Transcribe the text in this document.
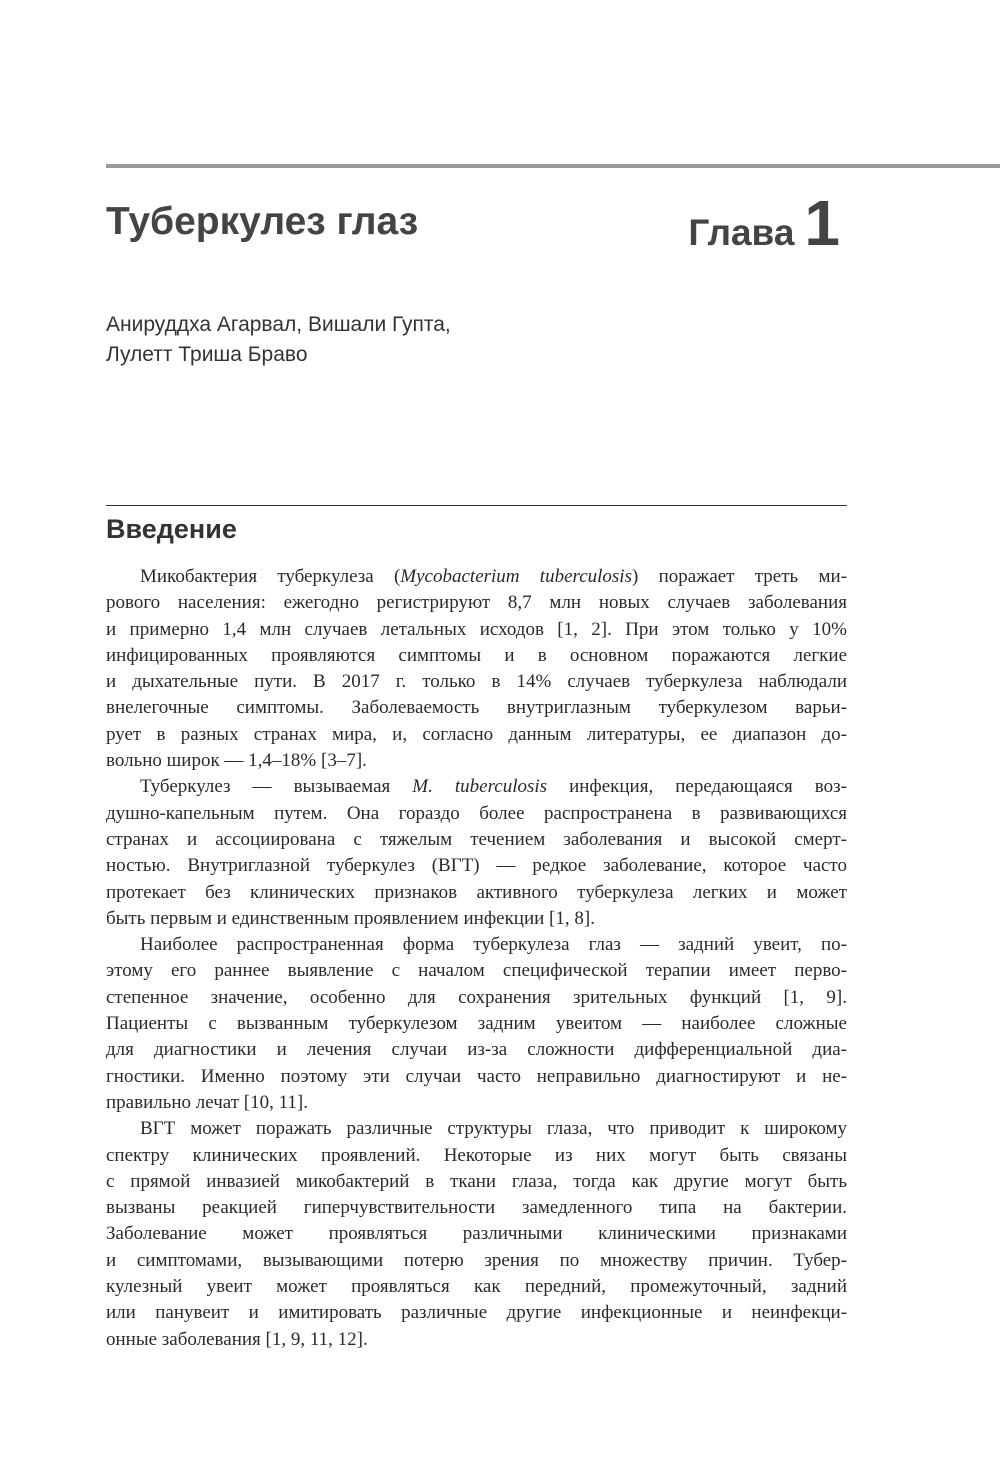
Туберкулез глаз	Глава 1
Анируддха Агарвал, Вишали Гупта,
Лулетт Триша Браво
Введение
Микобактерия туберкулеза (Mycobacterium tuberculosis) поражает треть ми-
рового населения: ежегодно регистрируют 8,7 млн новых случаев заболевания
и примерно 1,4 млн случаев летальных исходов [1, 2]. При этом только у 10%
инфицированных проявляются симптомы и в основном поражаются легкие
и дыхательные пути. В 2017 г. только в 14% случаев туберкулеза наблюдали
внелегочные симптомы. Заболеваемость внутриглазным туберкулезом варьи-
рует в разных странах мира, и, согласно данным литературы, ее диапазон до-
вольно широк — 1,4–18% [3–7].
Туберкулез — вызываемая M. tuberculosis инфекция, передающаяся воз-
душно-капельным путем. Она гораздо более распространена в развивающихся
странах и ассоциирована с тяжелым течением заболевания и высокой смерт-
ностью. Внутриглазной туберкулез (ВГТ) — редкое заболевание, которое часто
протекает без клинических признаков активного туберкулеза легких и может
быть первым и единственным проявлением инфекции [1, 8].
Наиболее распространенная форма туберкулеза глаз — задний увеит, по-
этому его раннее выявление с началом специфической терапии имеет перво-
степенное значение, особенно для сохранения зрительных функций [1, 9].
Пациенты с вызванным туберкулезом задним увеитом — наиболее сложные
для диагностики и лечения случаи из-за сложности дифференциальной диа-
гностики. Именно поэтому эти случаи часто неправильно диагностируют и не-
правильно лечат [10, 11].
ВГТ может поражать различные структуры глаза, что приводит к широкому
спектру клинических проявлений. Некоторые из них могут быть связаны
с прямой инвазией микобактерий в ткани глаза, тогда как другие могут быть
вызваны реакцией гиперчувствительности замедленного типа на бактерии.
Заболевание может проявляться различными клиническими признаками
и симптомами, вызывающими потерю зрения по множеству причин. Тубер-
кулезный увеит может проявляться как передний, промежуточный, задний
или панувеит и имитировать различные другие инфекционные и неинфекци-
онные заболевания [1, 9, 11, 12].
